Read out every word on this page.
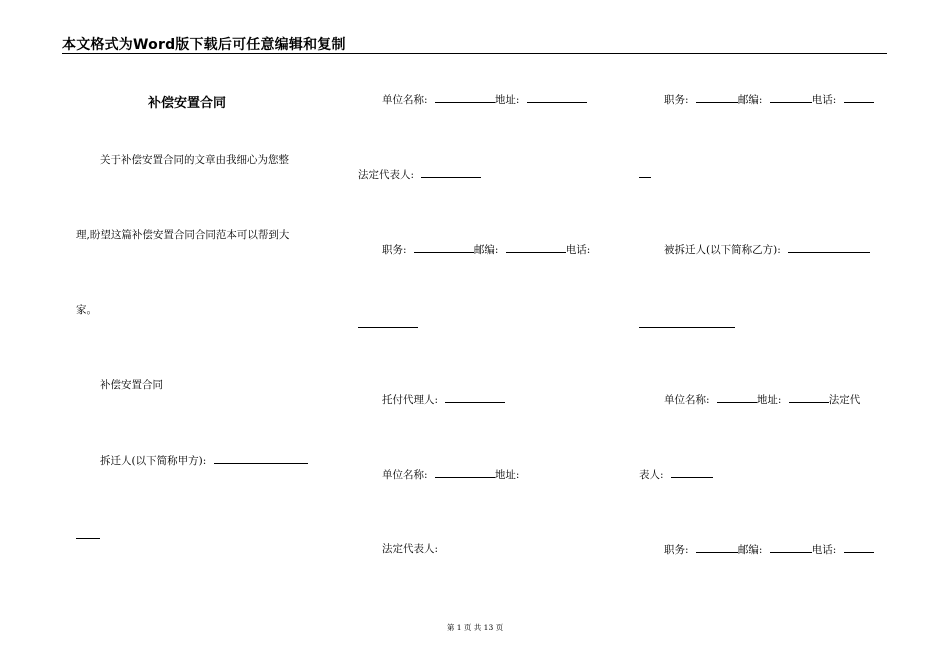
本文格式为Word版下载后可任意编辑和复制
补偿安置合同
关于补偿安置合同的文章由我细心为您整
理,盼望这篇补偿安置合同合同范本可以帮到大
家。
补偿安置合同
拆迁人(以下简称甲方):
单位名称:	地址:
法定代表人:
职务:	邮编:	电话:
托付代理人:
单位名称:	地址:
法定代表人:
职务:	邮编:	电话:
被拆迁人(以下简称乙方):
单位名称:	地址:	法定代
表人:
职务:	邮编:	电话:
第 1 页 共 13 页
